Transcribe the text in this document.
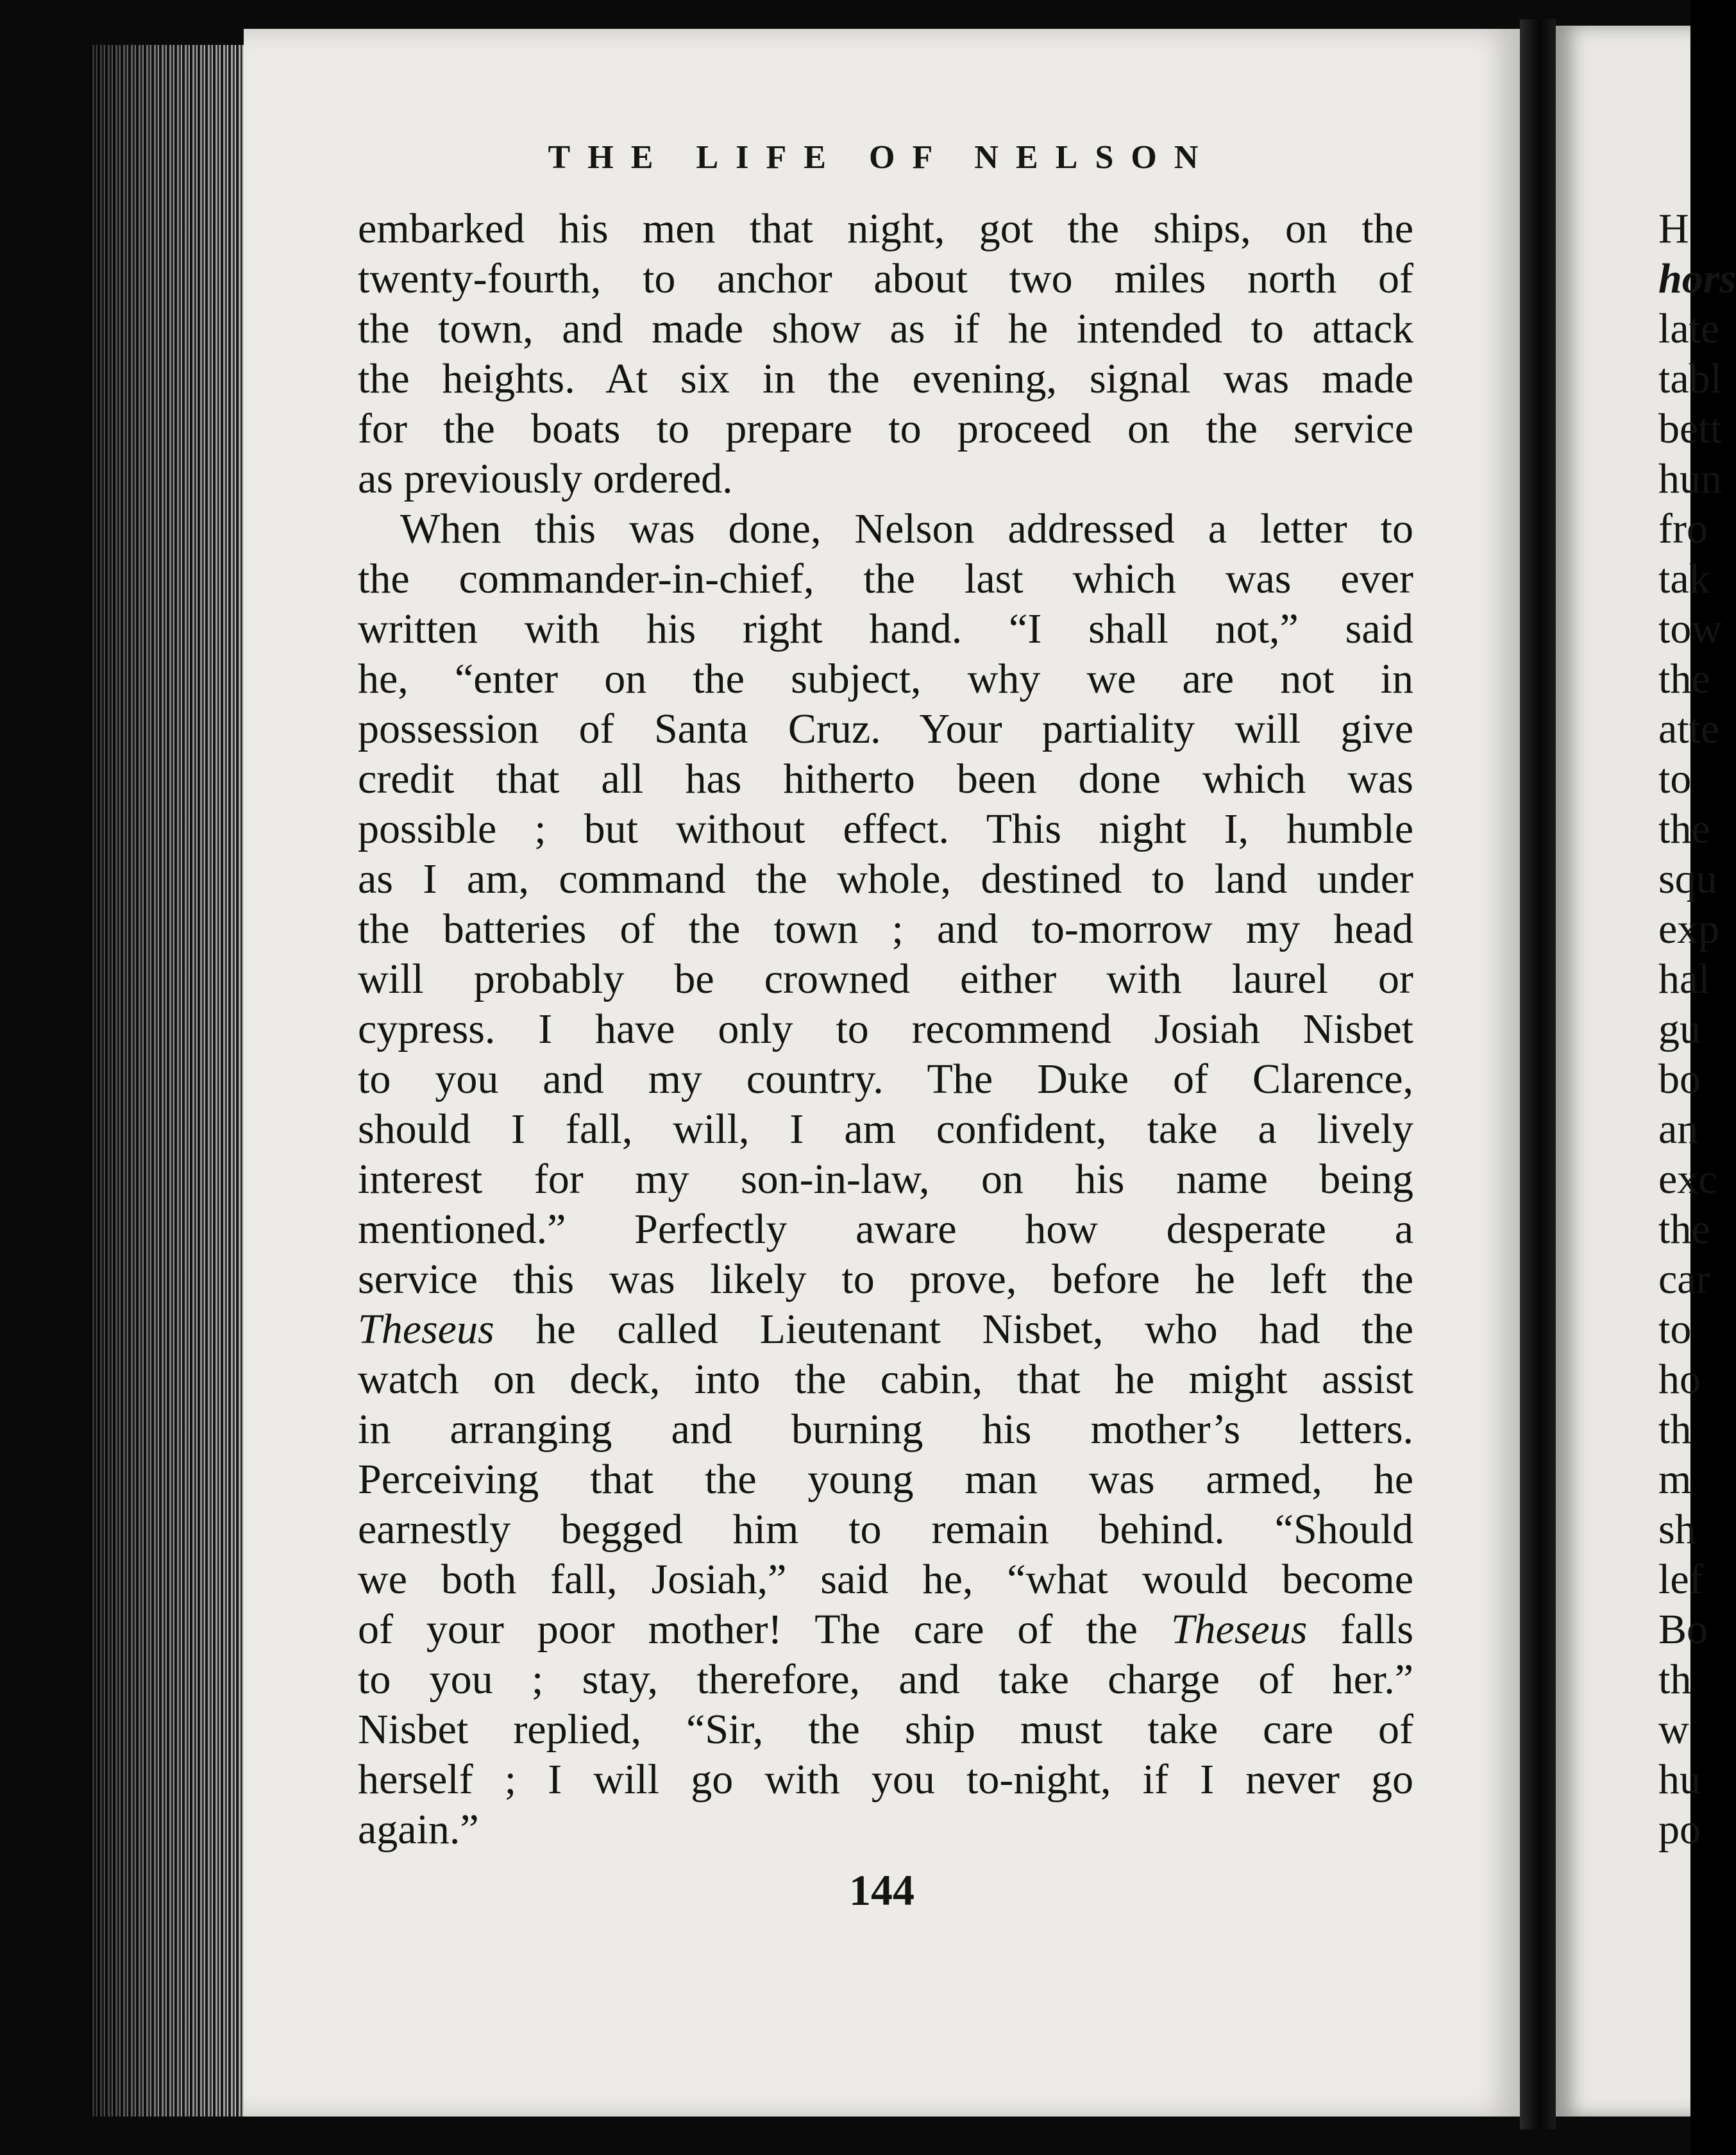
THE LIFE OF NELSON
embarked his men that night, got the ships, on the
twenty-fourth, to anchor about two miles north of
the town, and made show as if he intended to attack
the heights. At six in the evening, signal was made
for the boats to prepare to proceed on the service
as previously ordered.
When this was done, Nelson addressed a letter to
the commander-in-chief, the last which was ever
written with his right hand. “I shall not,” said
he, “enter on the subject, why we are not in
possession of Santa Cruz. Your partiality will give
credit that all has hitherto been done which was
possible ; but without effect. This night I, humble
as I am, command the whole, destined to land under
the batteries of the town ; and to-morrow my head
will probably be crowned either with laurel or
cypress. I have only to recommend Josiah Nisbet
to you and my country. The Duke of Clarence,
should I fall, will, I am confident, take a lively
interest for my son-in-law, on his name being
mentioned.” Perfectly aware how desperate a
service this was likely to prove, before he left the
Theseus he called Lieutenant Nisbet, who had the
watch on deck, into the cabin, that he might assist
in arranging and burning his mother’s letters.
Perceiving that the young man was armed, he
earnestly begged him to remain behind. “Should
we both fall, Josiah,” said he, “what would become
of your poor mother! The care of the Theseus falls
to you ; stay, therefore, and take charge of her.”
Nisbet replied, “Sir, the ship must take care of
herself ; I will go with you to-night, if I never go
again.”
144
H
hors
late
tabl
bett
hun
fro
tak
tow
the
atte
to
the
squ
exp
hal
gu
bo
an
exc
the
car
to
ho
th
m
sh
lef
Bo
th
w
hu
po
